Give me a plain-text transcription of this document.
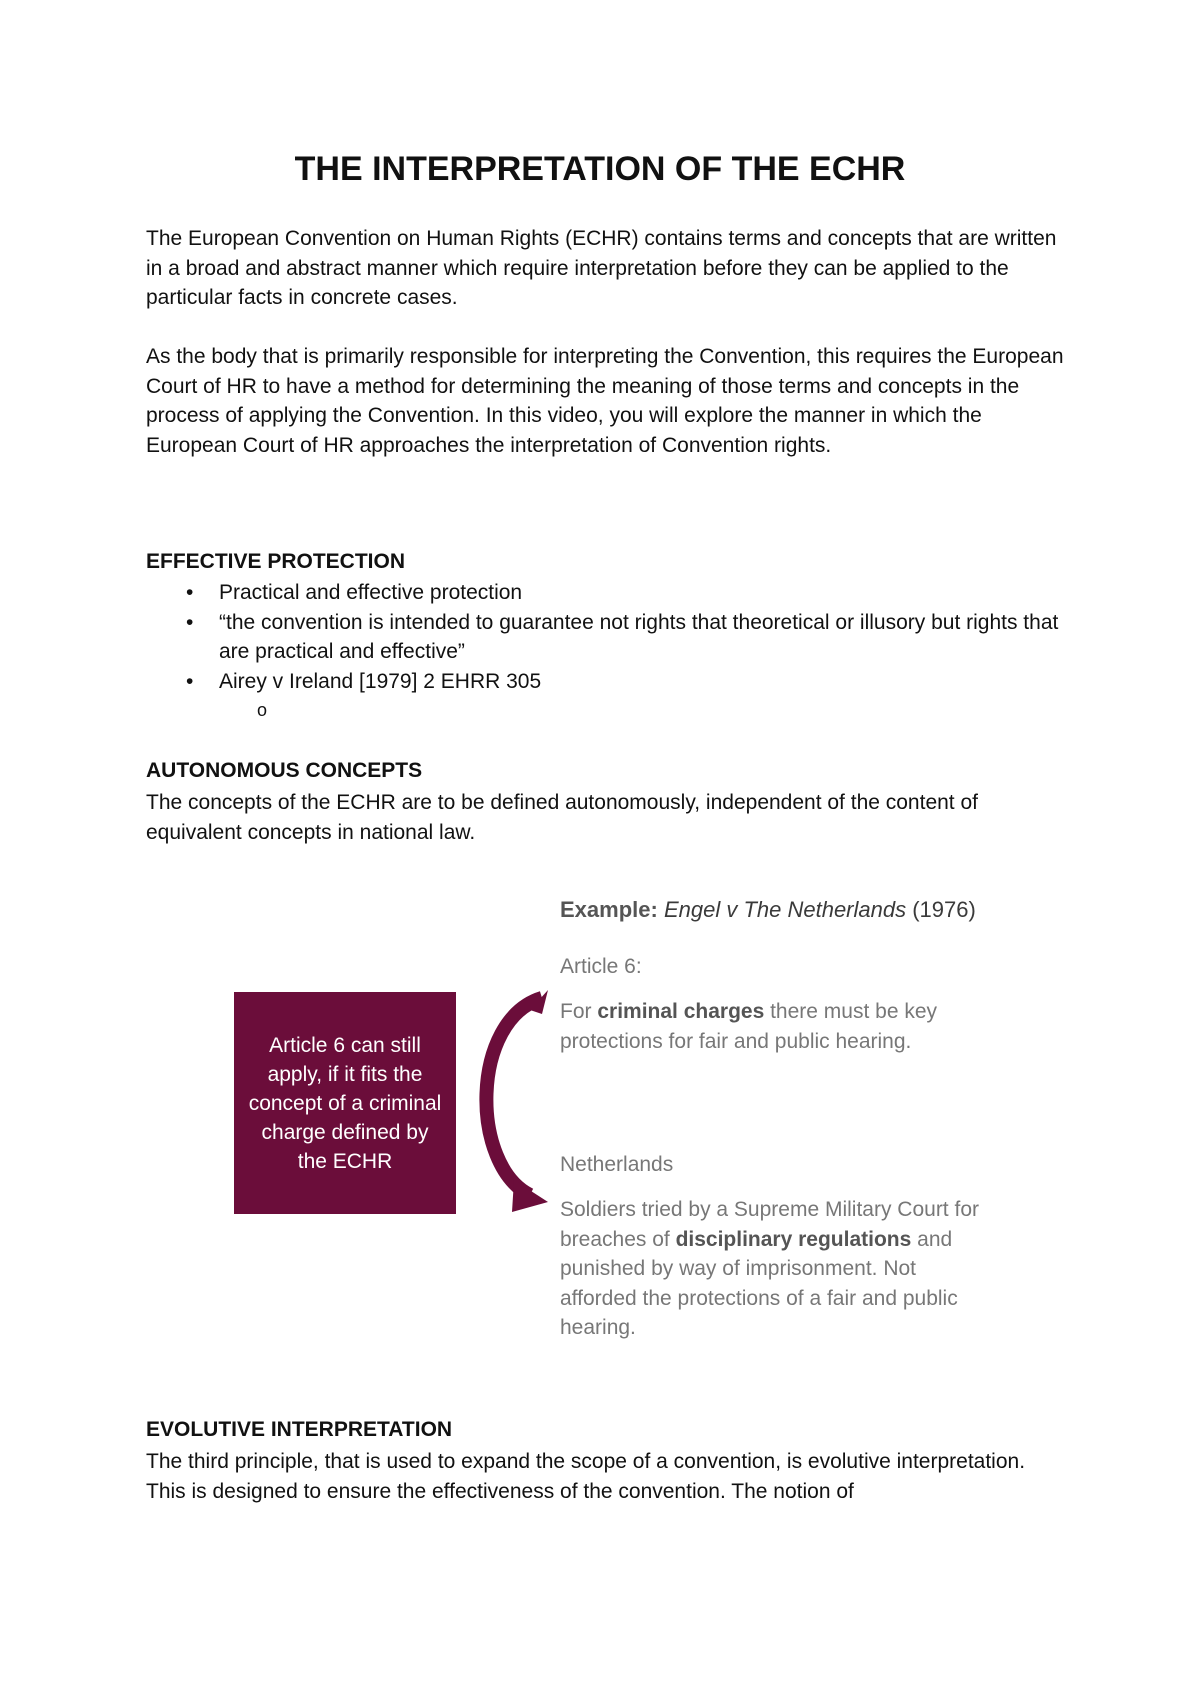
THE INTERPRETATION OF THE ECHR

The European Convention on Human Rights (ECHR) contains terms and concepts that are written in a broad and abstract manner which require interpretation before they can be applied to the particular facts in concrete cases.

As the body that is primarily responsible for interpreting the Convention, this requires the European Court of HR to have a method for determining the meaning of those terms and concepts in the process of applying the Convention. In this video, you will explore the manner in which the European Court of HR approaches the interpretation of Convention rights.

EFFECTIVE PROTECTION
• Practical and effective protection
• “the convention is intended to guarantee not rights that theoretical or illusory but rights that are practical and effective”
• Airey v Ireland [1979] 2 EHRR 305
o
AUTONOMOUS CONCEPTS

The concepts of the ECHR are to be defined autonomously, independent of the content of equivalent concepts in national law.

Example: Engel v The Netherlands (1976)
Article 6 can still apply, if it fits the concept of a criminal charge defined by the ECHR
Article 6:
For criminal charges there must be key protections for fair and public hearing.
Netherlands
Soldiers tried by a Supreme Military Court for breaches of disciplinary regulations and punished by way of imprisonment. Not afforded the protections of a fair and public hearing.
EVOLUTIVE INTERPRETATION

The third principle, that is used to expand the scope of a convention, is evolutive interpretation. This is designed to ensure the effectiveness of the convention. The notion of
